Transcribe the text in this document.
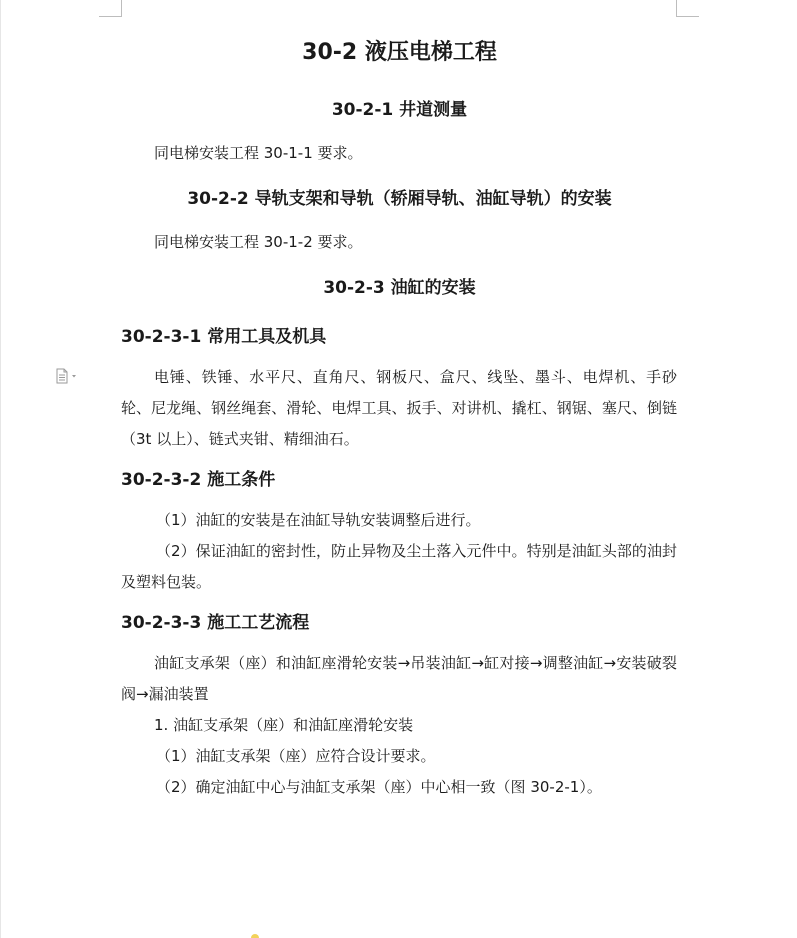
30-2 液压电梯工程
30-2-1 井道测量
同电梯安装工程 30-1-1 要求。
30-2-2 导轨支架和导轨（轿厢导轨、油缸导轨）的安装
同电梯安装工程 30-1-2 要求。
30-2-3 油缸的安装
30-2-3-1 常用工具及机具
电锤、铁锤、水平尺、直角尺、钢板尺、盒尺、线坠、墨斗、电焊机、手砂轮、尼龙绳、钢丝绳套、滑轮、电焊工具、扳手、对讲机、撬杠、钢锯、塞尺、倒链（3t 以上）、链式夹钳、精细油石。
30-2-3-2 施工条件
（1）油缸的安装是在油缸导轨安装调整后进行。
（2）保证油缸的密封性，防止异物及尘土落入元件中。特别是油缸头部的油封及塑料包装。
30-2-3-3 施工工艺流程
油缸支承架（座）和油缸座滑轮安装→吊装油缸→缸对接→调整油缸→安装破裂阀→漏油装置
1. 油缸支承架（座）和油缸座滑轮安装
（1）油缸支承架（座）应符合设计要求。
（2）确定油缸中心与油缸支承架（座）中心相一致（图 30-2-1）。
